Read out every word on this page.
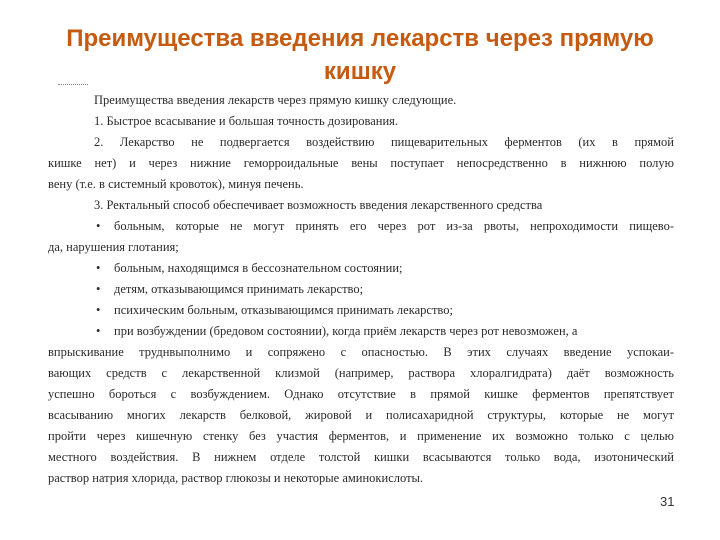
Преимущества введения лекарств через прямую кишку
Преимущества введения лекарств через прямую кишку следующие.
1. Быстрое всасывание и большая точность дозирования.
2. Лекарство не подвергается воздействию пищеварительных ферментов (их в прямой
кишке нет) и через нижние геморроидальные вены поступает непосредственно в нижнюю полую
вену (т.е. в системный кровоток), минуя печень.
3. Ректальный способ обеспечивает возможность введения лекарственного средства
• больным, которые не могут принять его через рот из-за рвоты, непроходимости пищево-
да, нарушения глотания;
• больным, находящимся в бессознательном состоянии;
• детям, отказывающимся принимать лекарство;
• психическим больным, отказывающимся принимать лекарство;
• при возбуждении (бредовом состоянии), когда приём лекарств через рот невозможен, а
впрыскивание труднвыполнимо и сопряжено с опасностью. В этих случаях введение успокаи-
вающих средств с лекарственной клизмой (например, раствора хлоралгидрата) даёт возможность
успешно бороться с возбуждением. Однако отсутствие в прямой кишке ферментов препятствует
всасыванию многих лекарств белковой, жировой и полисахаридной структуры, которые не могут
пройти через кишечную стенку без участия ферментов, и применение их возможно только с целью
местного воздействия. В нижнем отделе толстой кишки всасываются только вода, изотонический
раствор натрия хлорида, раствор глюкозы и некоторые аминокислоты.
31
